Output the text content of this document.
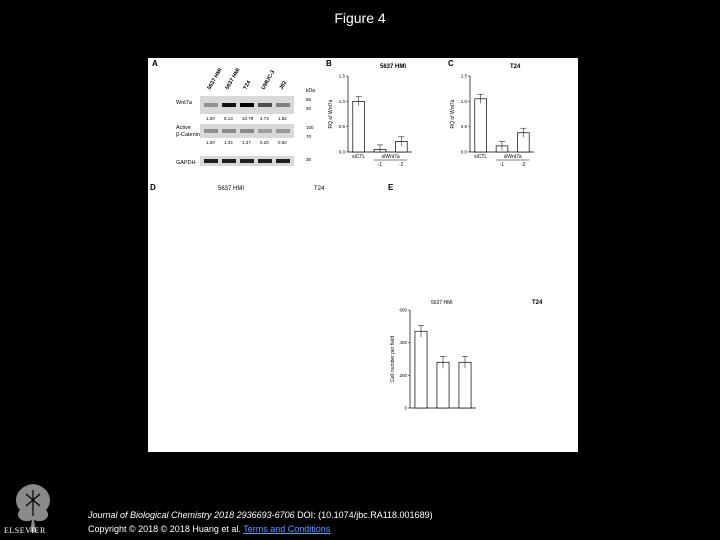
Figure 4
A
5637 HMI 5637 HMI T24 UMUC-3 J82	kDa
Wnt7a
55
40
1.00 8.13 10.79 4.73 1.82
Active
β-Catenin
100
70
1.00 1.34 1.37 0.20 0.60
GAPDH
35
B	5637 HMI
0.0
0.5
1.0
1.5
RQ of Wnt7a
siCTL	siWnt7a
-1	-2
C	T24
0.0
0.5
1.0
1.5
RQ of Wnt7a
siCTL	siWnt7a
-1	-2
D	5637 HMI	T24	E
5637 HMI	T24
0
200
400
600
Cell number per field
ELSEVIER
Journal of Biological Chemistry 2018 2936693-6706 DOI: (10.1074/jbc.RA118.001689)
Copyright © 2018 © 2018 Huang et al. Terms and Conditions
